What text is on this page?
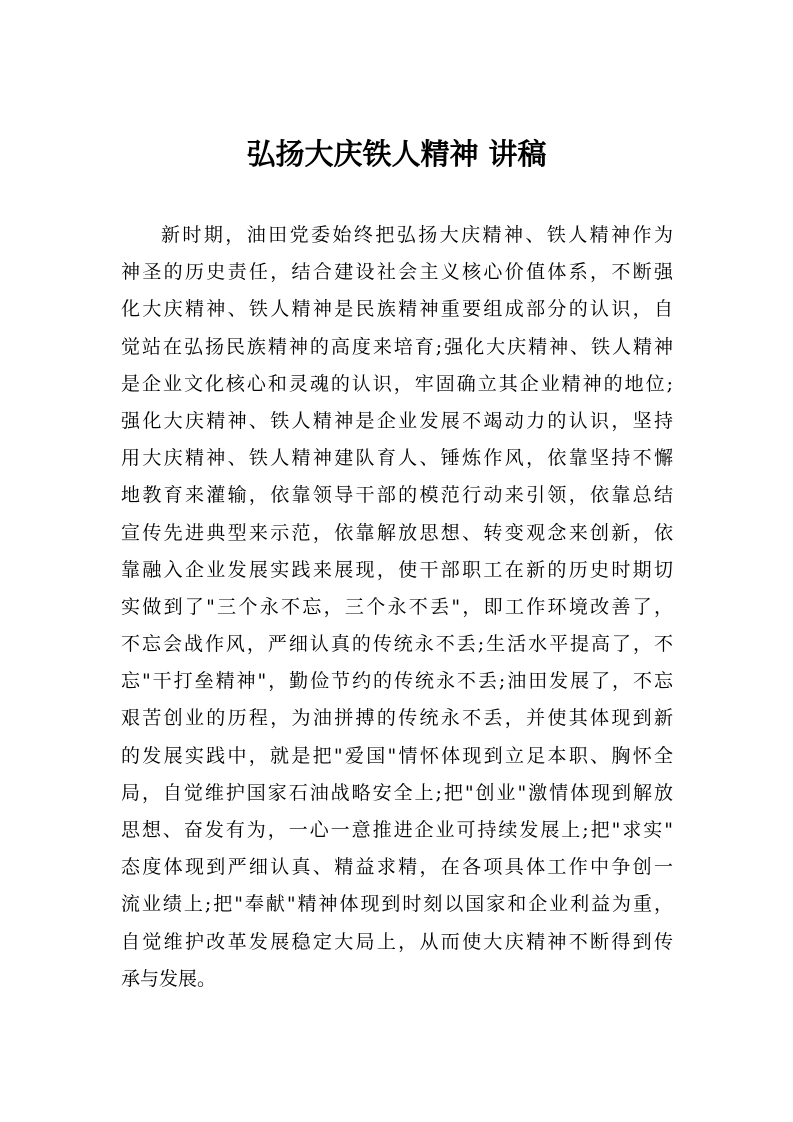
弘扬大庆铁人精神 讲稿
新时期，油田党委始终把弘扬大庆精神、铁人精神作为
神圣的历史责任，结合建设社会主义核心价值体系，不断强
化大庆精神、铁人精神是民族精神重要组成部分的认识，自
觉站在弘扬民族精神的高度来培育;强化大庆精神、铁人精神
是企业文化核心和灵魂的认识，牢固确立其企业精神的地位;
强化大庆精神、铁人精神是企业发展不竭动力的认识，坚持
用大庆精神、铁人精神建队育人、锤炼作风，依靠坚持不懈
地教育来灌输，依靠领导干部的模范行动来引领，依靠总结
宣传先进典型来示范，依靠解放思想、转变观念来创新，依
靠融入企业发展实践来展现，使干部职工在新的历史时期切
实做到了"三个永不忘，三个永不丢"，即工作环境改善了，
不忘会战作风，严细认真的传统永不丢;生活水平提高了，不
忘"干打垒精神"，勤俭节约的传统永不丢;油田发展了，不忘
艰苦创业的历程，为油拼搏的传统永不丢，并使其体现到新
的发展实践中，就是把"爱国"情怀体现到立足本职、胸怀全
局，自觉维护国家石油战略安全上;把"创业"激情体现到解放
思想、奋发有为，一心一意推进企业可持续发展上;把"求实"
态度体现到严细认真、精益求精，在各项具体工作中争创一
流业绩上;把"奉献"精神体现到时刻以国家和企业利益为重，
自觉维护改革发展稳定大局上，从而使大庆精神不断得到传
承与发展。
